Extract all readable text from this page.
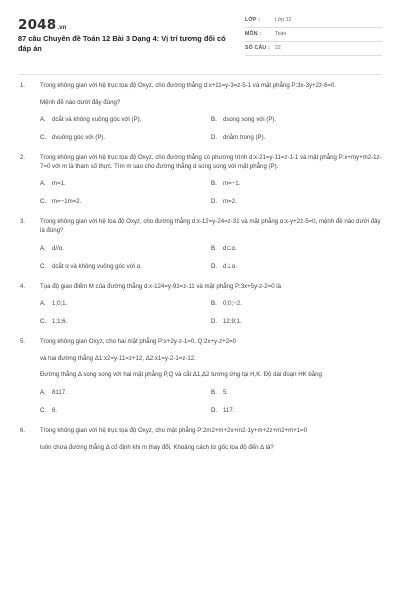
2048.vn
87 câu Chuyên đề Toán 12 Bài 3 Dạng 4: Vị trí tương đối có đáp án
LỚP :	Lớp 12
MÔN :	Toán
SỐ CÂU : 22
1. Trong không gian với hệ trục tọa độ Oxyz, cho đường thẳng d:x+11=y-3=z-5-1 và mặt phẳng P:3x-3y+2z-6=0.

Mệnh đề nào dưới đây đúng?

A.	dcắt và không vuông góc với (P).	B.	dsong song với (P).
C. dvuông góc với (P).	D. dnằm trong (P).
2. Trong không gian với hệ trục tọa độ Oxyz, cho đường thẳng có phương trình d:x-21=y-11=z-1-1 và mặt phẳng P:x+my+m2-1z-7=0 với m là tham số thực. Tìm m sao cho đường thẳng d song song với mặt phẳng (P).

A.	m=1.	B.	m=−1.
C. m=−1m=2.	D. m=2.
3. Trong không gian với hệ tọa độ Oxyz, cho đường thẳng d:x-12=y-24=z-31 và mặt phẳng α:x-y+2z-5=0, mệnh đề nào dưới đây là đúng?

A.	d//α.	B.	d⊂α.
C. dcắt α và không vuông góc với α.	D. d⊥α.
4. Tọa độ giao điểm M của đường thẳng d:x-124=y-93=z-11 và mặt phẳng P:3x+5y-z-2=0 là

A.	1;0;1.	B.	0;0;−2.
C. 1;1;6.	D. 12;9;1.
5. Trong không gian Oxyz, cho hai mặt phẳng P:x+2y-z-1=0, Q:2x+y-z+2=0

và hai đường thẳng Δ1:x2=y-11=z+12, Δ2:x1=y-2-1=z-12.

Đường thẳng Δ song song với hai mặt phẳng P,Q và cắt Δ1,Δ2 tương ứng tại H,K. Độ dài đoạn HK bằng

A.	8117.	B.	5.
C. 6.	D. 117.
6. Trong không gian với hệ trục tọa độ Oxyz, cho mặt phẳng P:2m2+m+2x+m2-1y+m+2z+m2+m+1=0

luôn chứa đường thẳng Δ cố định khi m thay đổi. Khoảng cách từ gốc tọa độ đến Δ là?
